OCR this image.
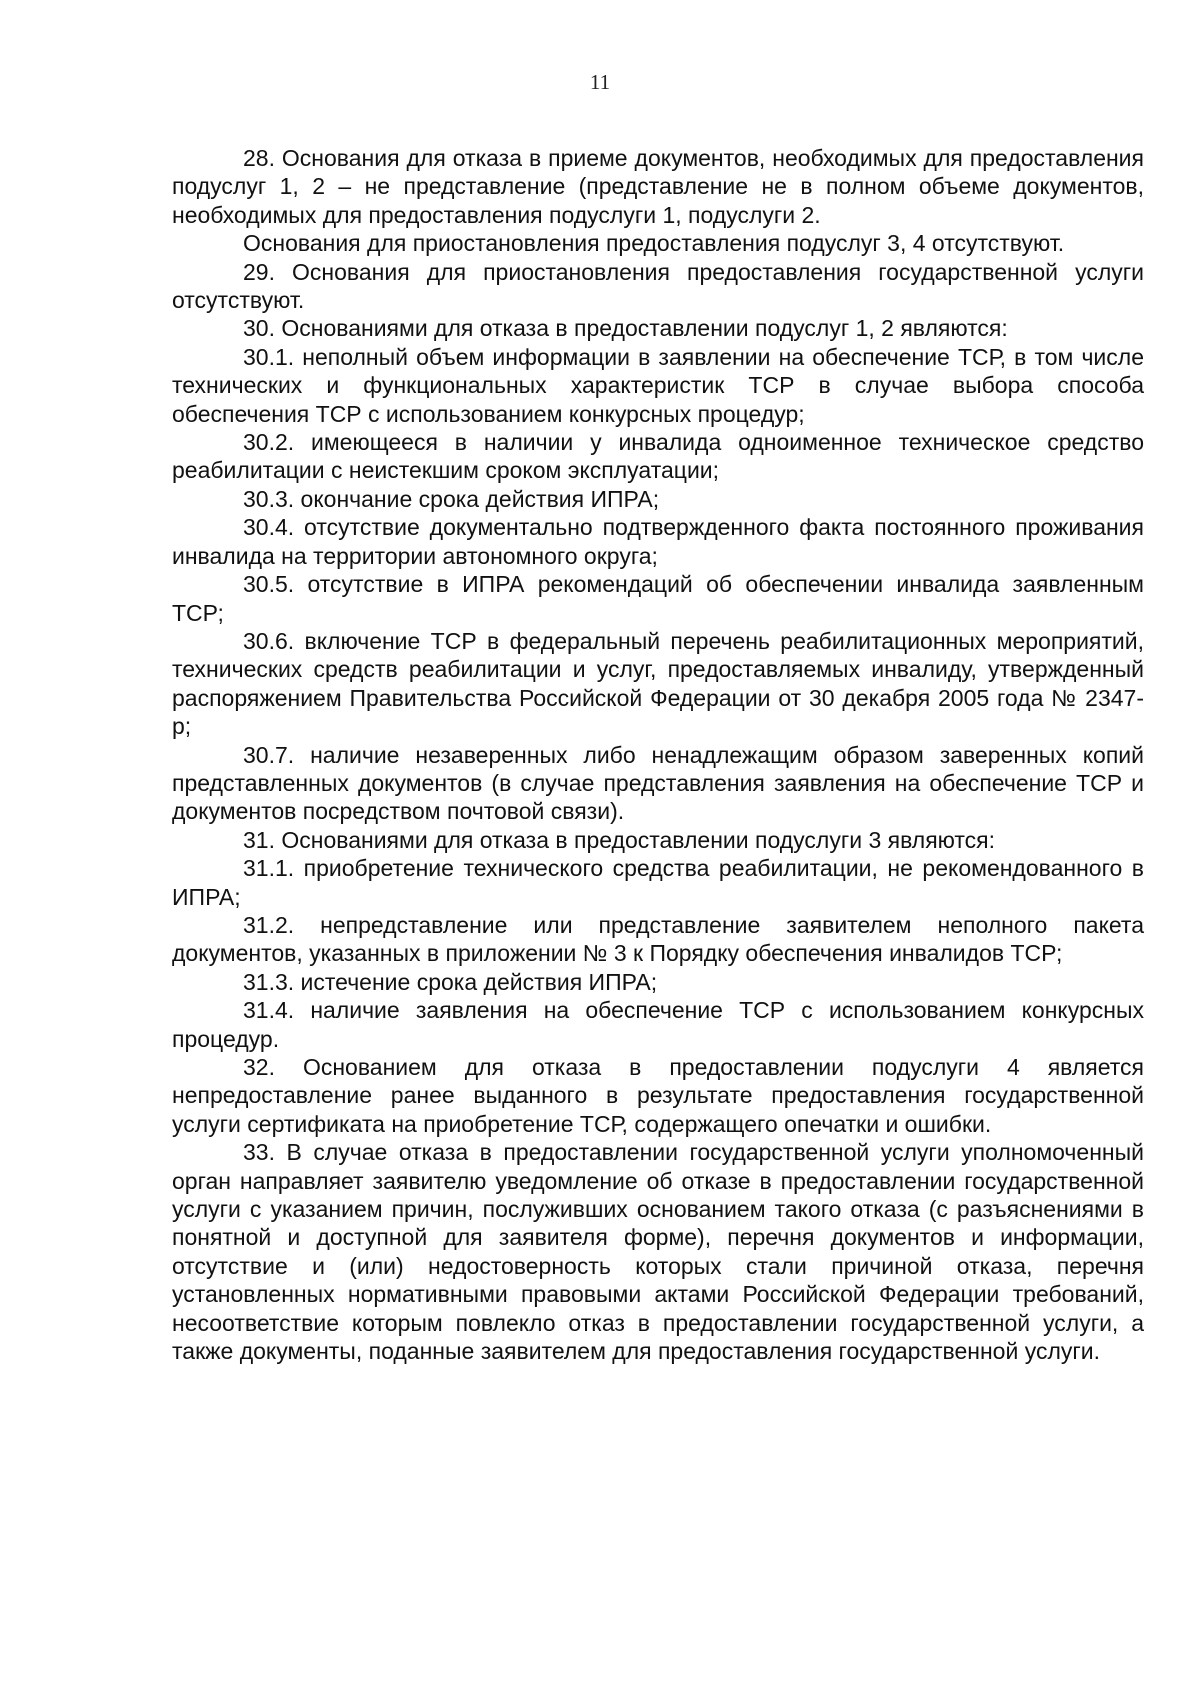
11

28. Основания для отказа в приеме документов, необходимых для предоставления подуслуг 1, 2 – не представление (представление не в полном объеме документов, необходимых для предоставления подуслуги 1, подуслуги 2.

Основания для приостановления предоставления подуслуг 3, 4 отсутствуют.

29. Основания для приостановления предоставления государственной услуги отсутствуют.

30. Основаниями для отказа в предоставлении подуслуг 1, 2 являются:

30.1. неполный объем информации в заявлении на обеспечение ТСР, в том числе технических и функциональных характеристик ТСР в случае выбора способа обеспечения ТСР с использованием конкурсных процедур;

30.2. имеющееся в наличии у инвалида одноименное техническое средство реабилитации с неистекшим сроком эксплуатации;

30.3. окончание срока действия ИПРА;

30.4. отсутствие документально подтвержденного факта постоянного проживания инвалида на территории автономного округа;

30.5. отсутствие в ИПРА рекомендаций об обеспечении инвалида заявленным ТСР;

30.6. включение ТСР в федеральный перечень реабилитационных мероприятий, технических средств реабилитации и услуг, предоставляемых инвалиду, утвержденный распоряжением Правительства Российской Федерации от 30 декабря 2005 года № 2347-р;

30.7. наличие незаверенных либо ненадлежащим образом заверенных копий представленных документов (в случае представления заявления на обеспечение ТСР и документов посредством почтовой связи).

31. Основаниями для отказа в предоставлении подуслуги 3 являются:

31.1. приобретение технического средства реабилитации, не рекомендованного в ИПРА;

31.2. непредставление или представление заявителем неполного пакета документов, указанных в приложении № 3 к Порядку обеспечения инвалидов ТСР;

31.3. истечение срока действия ИПРА;

31.4. наличие заявления на обеспечение ТСР с использованием конкурсных процедур.

32. Основанием для отказа в предоставлении подуслуги 4 является непредоставление ранее выданного в результате предоставления государственной услуги сертификата на приобретение ТСР, содержащего опечатки и ошибки.

33. В случае отказа в предоставлении государственной услуги уполномоченный орган направляет заявителю уведомление об отказе в предоставлении государственной услуги с указанием причин, послуживших основанием такого отказа (с разъяснениями в понятной и доступной для заявителя форме), перечня документов и информации, отсутствие и (или) недостоверность которых стали причиной отказа, перечня установленных нормативными правовыми актами Российской Федерации требований, несоответствие которым повлекло отказ в предоставлении государственной услуги, а также документы, поданные заявителем для предоставления государственной услуги.
